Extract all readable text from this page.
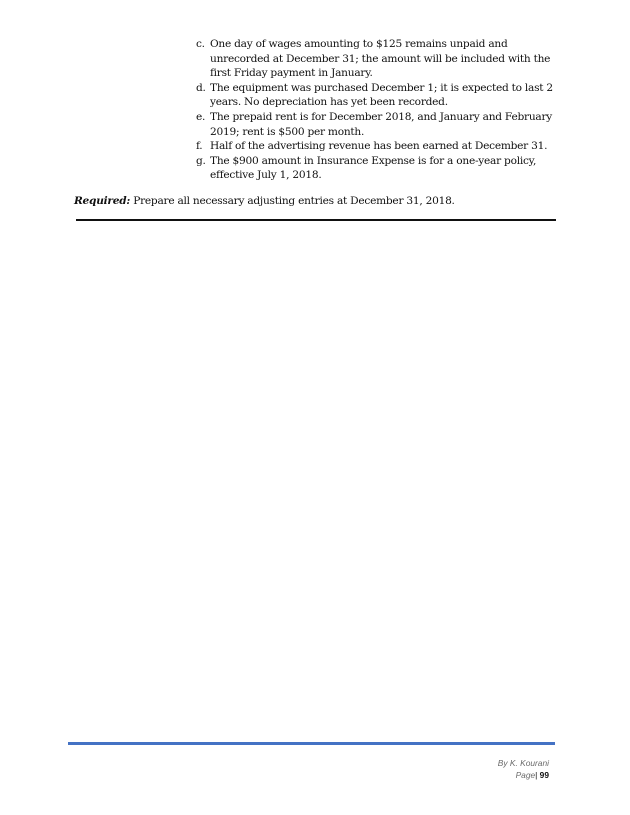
c. One day of wages amounting to $125 remains unpaid and unrecorded at December 31; the amount will be included with the first Friday payment in January.
d. The equipment was purchased December 1; it is expected to last 2 years. No depreciation has yet been recorded.
e. The prepaid rent is for December 2018, and January and February 2019; rent is $500 per month.
f. Half of the advertising revenue has been earned at December 31.
g. The $900 amount in Insurance Expense is for a one-year policy, effective July 1, 2018.
Required: Prepare all necessary adjusting entries at December 31, 2018.
By K. Kourani
Page| 99
